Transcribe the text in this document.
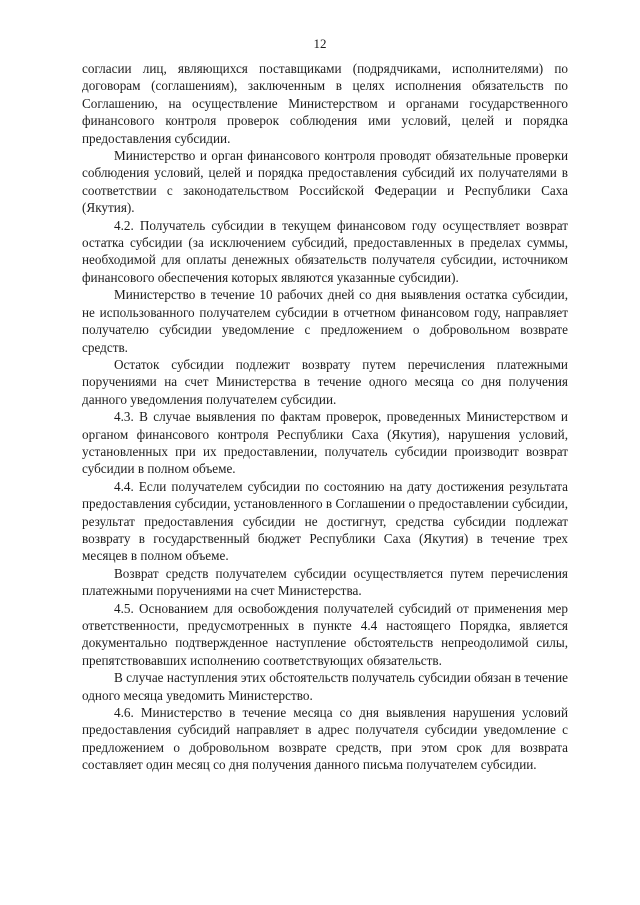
12

согласии лиц, являющихся поставщиками (подрядчиками, исполнителями) по договорам (соглашениям), заключенным в целях исполнения обязательств по Соглашению, на осуществление Министерством и органами государственного финансового контроля проверок соблюдения ими условий, целей и порядка предоставления субсидии.

Министерство и орган финансового контроля проводят обязательные проверки соблюдения условий, целей и порядка предоставления субсидий их получателями в соответствии с законодательством Российской Федерации и Республики Саха (Якутия).

4.2. Получатель субсидии в текущем финансовом году осуществляет возврат остатка субсидии (за исключением субсидий, предоставленных в пределах суммы, необходимой для оплаты денежных обязательств получателя субсидии, источником финансового обеспечения которых являются указанные субсидии).

Министерство в течение 10 рабочих дней со дня выявления остатка субсидии, не использованного получателем субсидии в отчетном финансовом году, направляет получателю субсидии уведомление с предложением о добровольном возврате средств.

Остаток субсидии подлежит возврату путем перечисления платежными поручениями на счет Министерства в течение одного месяца со дня получения данного уведомления получателем субсидии.

4.3. В случае выявления по фактам проверок, проведенных Министерством и органом финансового контроля Республики Саха (Якутия), нарушения условий, установленных при их предоставлении, получатель субсидии производит возврат субсидии в полном объеме.

4.4. Если получателем субсидии по состоянию на дату достижения результата предоставления субсидии, установленного в Соглашении о предоставлении субсидии, результат предоставления субсидии не достигнут, средства субсидии подлежат возврату в государственный бюджет Республики Саха (Якутия) в течение трех месяцев в полном объеме.

Возврат средств получателем субсидии осуществляется путем перечисления платежными поручениями на счет Министерства.

4.5. Основанием для освобождения получателей субсидий от применения мер ответственности, предусмотренных в пункте 4.4 настоящего Порядка, является документально подтвержденное наступление обстоятельств непреодолимой силы, препятствовавших исполнению соответствующих обязательств.

В случае наступления этих обстоятельств получатель субсидии обязан в течение одного месяца уведомить Министерство.

4.6. Министерство в течение месяца со дня выявления нарушения условий предоставления субсидий направляет в адрес получателя субсидии уведомление с предложением о добровольном возврате средств, при этом срок для возврата составляет один месяц со дня получения данного письма получателем субсидии.
